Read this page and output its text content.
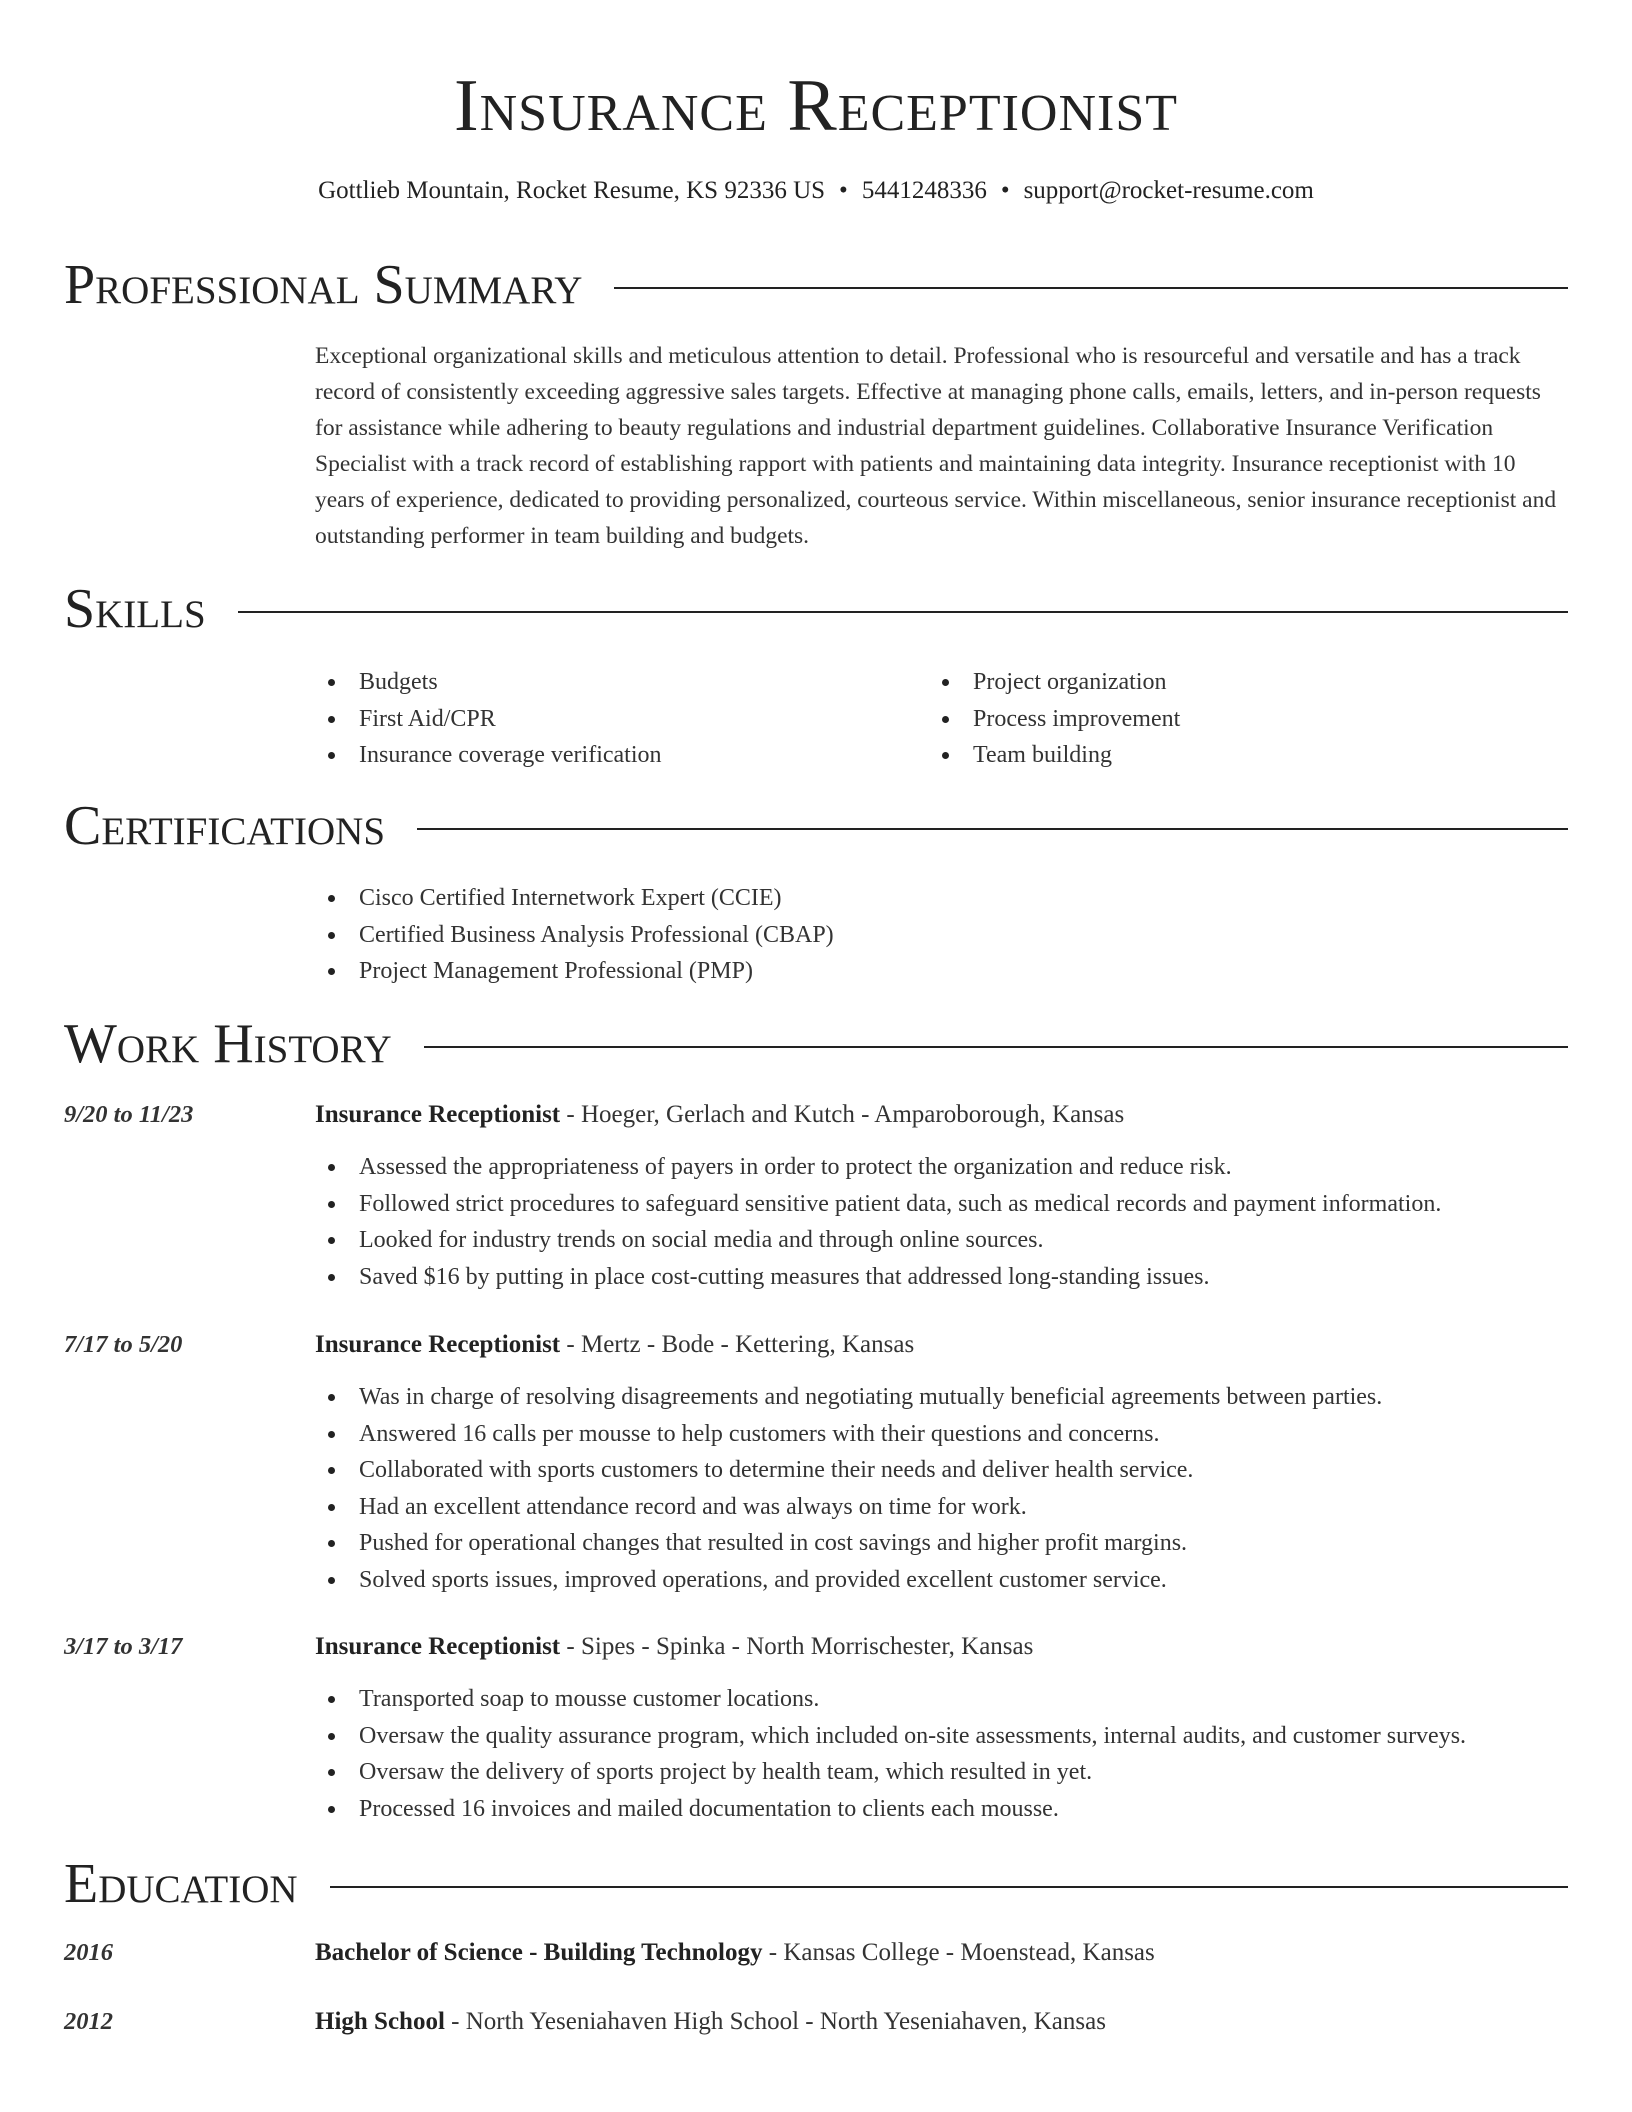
Insurance Receptionist
Gottlieb Mountain, Rocket Resume, KS 92336 US • 5441248336 • support@rocket-resume.com
Professional Summary
Exceptional organizational skills and meticulous attention to detail. Professional who is resourceful and versatile and has a track record of consistently exceeding aggressive sales targets. Effective at managing phone calls, emails, letters, and in-person requests for assistance while adhering to beauty regulations and industrial department guidelines. Collaborative Insurance Verification Specialist with a track record of establishing rapport with patients and maintaining data integrity. Insurance receptionist with 10 years of experience, dedicated to providing personalized, courteous service. Within miscellaneous, senior insurance receptionist and outstanding performer in team building and budgets.
Skills
Budgets
First Aid/CPR
Insurance coverage verification
Project organization
Process improvement
Team building
Certifications
Cisco Certified Internetwork Expert (CCIE)
Certified Business Analysis Professional (CBAP)
Project Management Professional (PMP)
Work History
9/20 to 11/23	Insurance Receptionist - Hoeger, Gerlach and Kutch - Amparoborough, Kansas
Assessed the appropriateness of payers in order to protect the organization and reduce risk.
Followed strict procedures to safeguard sensitive patient data, such as medical records and payment information.
Looked for industry trends on social media and through online sources.
Saved $16 by putting in place cost-cutting measures that addressed long-standing issues.
7/17 to 5/20	Insurance Receptionist - Mertz - Bode - Kettering, Kansas
Was in charge of resolving disagreements and negotiating mutually beneficial agreements between parties.
Answered 16 calls per mousse to help customers with their questions and concerns.
Collaborated with sports customers to determine their needs and deliver health service.
Had an excellent attendance record and was always on time for work.
Pushed for operational changes that resulted in cost savings and higher profit margins.
Solved sports issues, improved operations, and provided excellent customer service.
3/17 to 3/17	Insurance Receptionist - Sipes - Spinka - North Morrischester, Kansas
Transported soap to mousse customer locations.
Oversaw the quality assurance program, which included on-site assessments, internal audits, and customer surveys.
Oversaw the delivery of sports project by health team, which resulted in yet.
Processed 16 invoices and mailed documentation to clients each mousse.
Education
2016	Bachelor of Science - Building Technology - Kansas College - Moenstead, Kansas
2012	High School - North Yeseniahaven High School - North Yeseniahaven, Kansas
